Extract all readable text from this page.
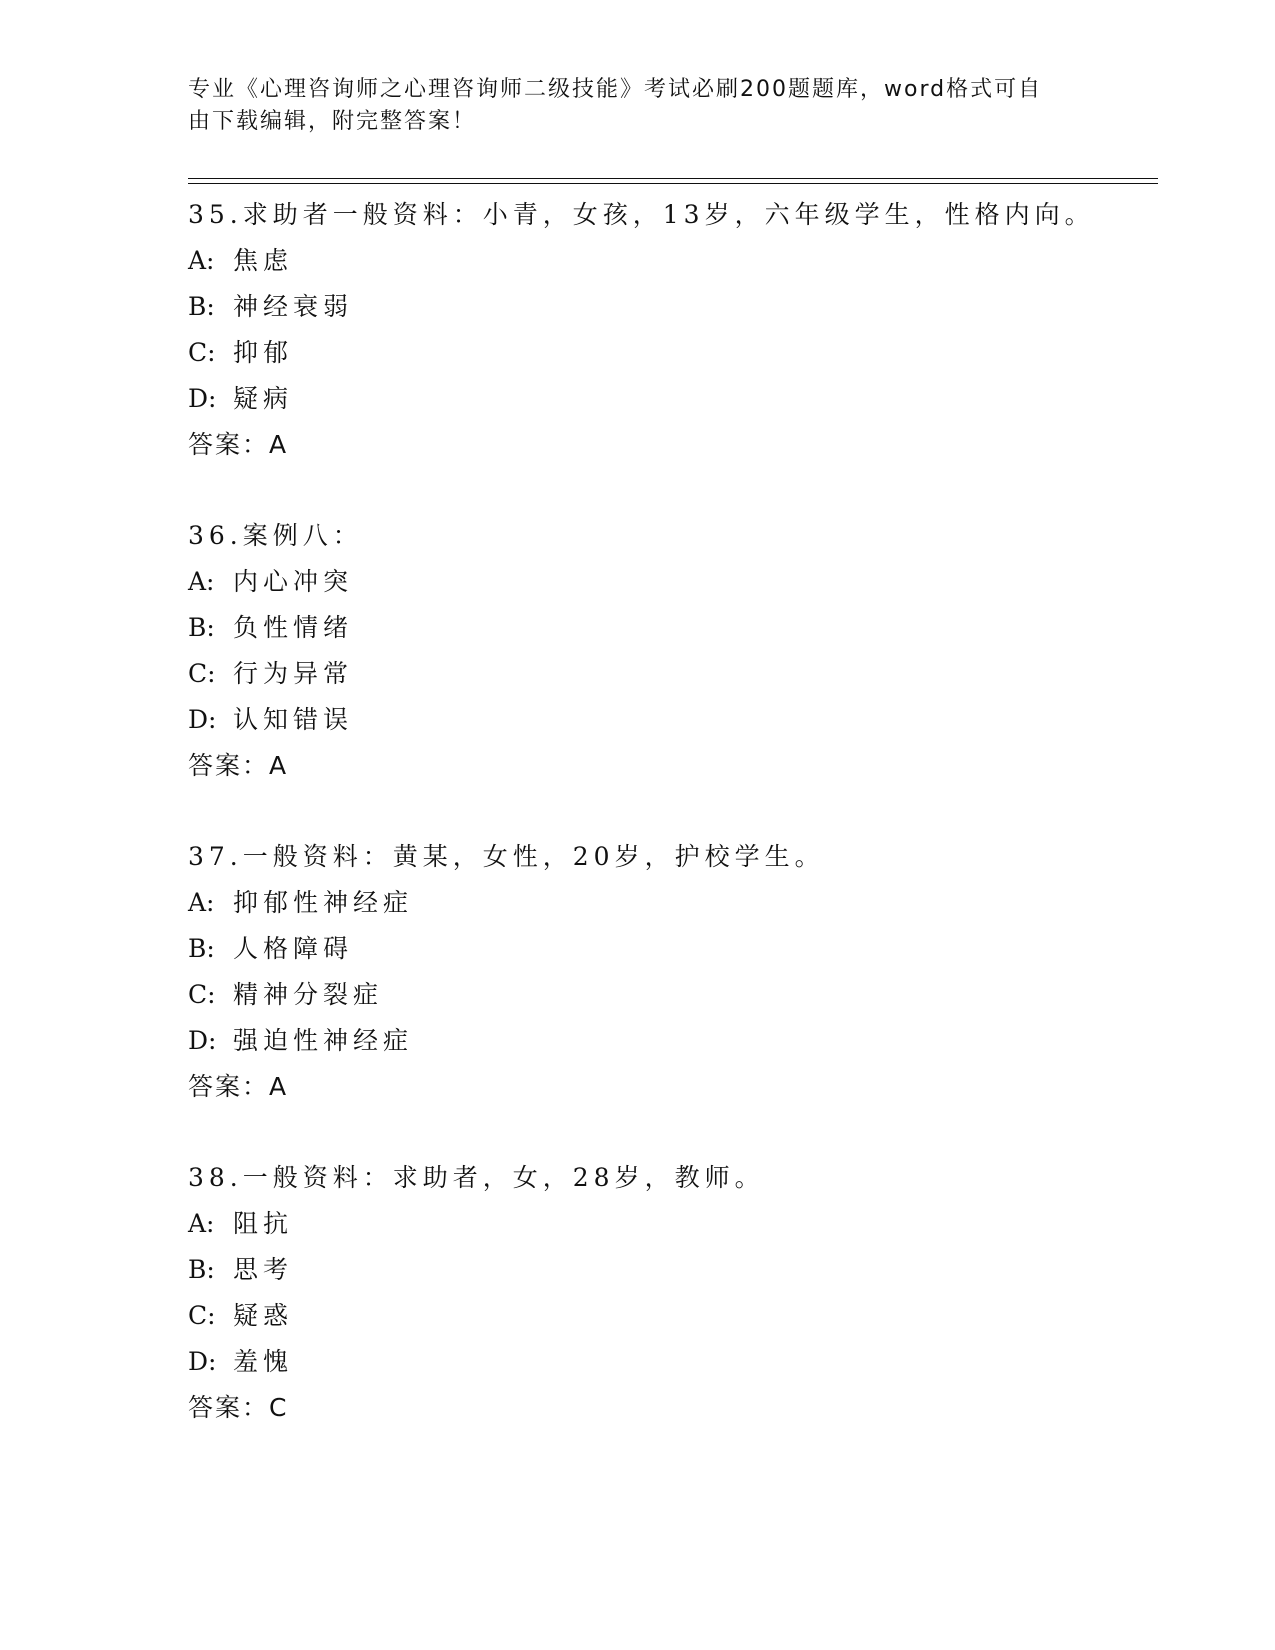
专业《心理咨询师之心理咨询师二级技能》考试必刷200题题库，word格式可自
由下载编辑，附完整答案！
35.求助者一般资料：小青，女孩，13岁，六年级学生，性格内向。
A: 焦虑
B: 神经衰弱
C: 抑郁
D: 疑病
答案：A
36.案例八：
A: 内心冲突
B: 负性情绪
C: 行为异常
D: 认知错误
答案：A
37.一般资料：黄某，女性，20岁，护校学生。
A: 抑郁性神经症
B: 人格障碍
C: 精神分裂症
D: 强迫性神经症
答案：A
38.一般资料：求助者，女，28岁，教师。
A: 阻抗
B: 思考
C: 疑惑
D: 羞愧
答案：C
